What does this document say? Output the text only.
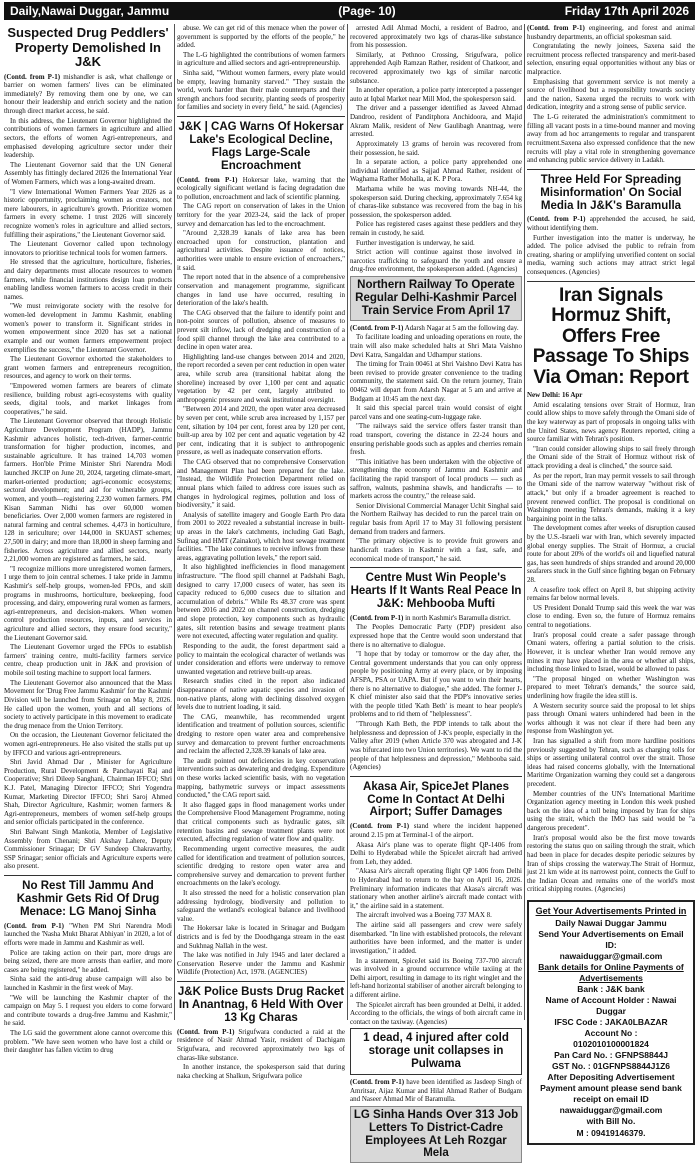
Daily,Nawai Duggar, Jammu	(Page- 10)	Friday 17th April 2026
Suspected Drug Peddlers' Property Demolished In J&K

(Contd. from P-1) mishandler is ask, what challenge or barrier on women farmers' lives can be eliminated immediately? By removing them one by one, we can honour their leadership and enrich society and the nation through direct market access, he said.

In this address, the Lieutenant Governor highlighted the contributions of women farmers in agriculture and allied sectors, the efforts of women Agri-entrepreneurs, and emphasised developing agriculture sector under their leadership.

The Lieutenant Governor said that the UN General Assembly has fittingly declared 2026 the International Year of Women Farmers, which was a long-awaited dream.

"I view International Women Farmers Year 2026 as a historic opportunity, proclaiming women as creators, not mere labourers, in agriculture's growth. Prioritize women farmers in every scheme. I trust 2026 will sincerely recognize women's roles in agriculture and allied sectors, fulfilling their aspirations," the Lieutenant Governor said.

The Lieutenant Governor called upon technology innovators to prioritise technical tools for women farmers.

He stressed that the agriculture, horticulture, fisheries, and dairy departments must allocate resources to women farmers, while financial institutions design loan products enabling landless women farmers to access credit in their names.

"We must reinvigorate society with the resolve for women-led development in Jammu Kashmir, enabling women's power to transform it. Significant strides in women empowerment since 2020 has set a national example and our women farmers empowerment project exemplifies the success," the Lieutenant Governor.

The Lieutenant Governor exhorted the stakeholders to grant women farmers and entrepreneurs recognition, resources, and agency to work on their terms.

"Empowered women farmers are bearers of climate resilience, building robust agri-ecosystems with quality seeds, digital tools, and market linkages from cooperatives," he said.

The Lieutenant Governor observed that through Holistic Agriculture Development Program (HADP), Jammu Kashmir advances holistic, tech-driven, farmer-centric transformation for higher production, incomes, and sustainable agriculture. It has trained 14,703 women farmers. Hon'ble Prime Minister Shri Narendra Modi launched JKCIP on June 20, 2024, targeting climate-smart, market-oriented production; agri-economic ecosystems; sectoral development; and aid for vulnerable groups, women, and youth—registering 2,230 women farmers. PM Kisan Samman Nidhi has over 60,000 women beneficiaries. Over 2,000 women farmers are registered in natural farming and central schemes. 4,473 in horticulture, 128 in sericulture; over 144,000 in SKUAST schemes; 27,500 in dairy; and more than 18,000 in sheep farming and fisheries. Across agriculture and allied sectors, nearly 2,21,000 women are registered as farmers, he said.

"I recognize millions more unregistered women farmers, I urge them to join central schemes. I take pride in Jammu Kashmir's self-help groups, women-led FPOs, and skill programs in mushrooms, horticulture, beekeeping, food processing, and dairy, empowering rural women as farmers, agri-entrepreneurs, and decision-makers. When women control production resources, inputs, and services in agriculture and allied sectors, they ensure food security," the Lieutenant Governor said.

The Lieutenant Governor urged the FPOs to establish farmers' training centre, multi-facility farmers service centre, cheap production unit in J&K and provision of mobile soil testing machine to support local farmers.

The Lieutenant Governor also announced that the Mass Movement for 'Drug Free Jammu Kashmir' for the Kashmir Division will be launched from Srinagar on May 8, 2026. He called upon the women, youth and all sections of society to actively participate in this movement to eradicate the drug menace from the Union Territory.

On the occasion, the Lieutenant Governor felicitated the women agri-entrepreneurs. He also visited the stalls put up by IFFCO and various agri-entrepreneurs.

Shri Javid Ahmad Dar , Minister for Agriculture Production, Rural Development & Panchayati Raj and Cooperative; Shri Dileep Sanghani, Chairman IFFCO; Shri K.J. Patel, Managing Director IFFCO; Shri Yogendra Kumar, Marketing Director IFFCO; Shri Saroj Ahmed Shah, Director Agriculture, Kashmir; women farmers & Agri-entrepreneurs, members of women self-help groups and senior officials participated in the conference.

Shri Balwant Singh Mankotia, Member of Legislative Assembly from Chenani; Shri Akshay Lahere, Deputy Commissioner Srinagar; Dr GV Sundeep Chakravarthy, SSP Srinagar; senior officials and Agriculture experts were also present.

No Rest Till Jammu And Kashmir Gets Rid Of Drug Menace: LG Manoj Sinha

(Contd. from P-1) "When PM Shri Narendra Modi launched the 'Nasha Mukt Bharat Abhiyan' in 2020, a lot of efforts were made in Jammu and Kashmir as well.

Police are taking action on their part, more drugs are being seized, there are more arrests than earlier, and more cases are being registered," he added.

Sinha said the anti-drug abuse campaign will also be launched in Kashmir in the first week of May.

"We will be launching the Kashmir chapter of the campaign on May 5. I request you elders to come forward and contribute towards a drug-free Jammu and Kashmir," he said.

The LG said the government alone cannot overcome this problem. "We have seen women who have lost a child or their daughter has fallen victim to drug

abuse. We can get rid of this menace when the power of government is supported by the efforts of the people," he added.

The L-G highlighted the contributions of women farmers in agriculture and allied sectors and agri-entrepreneurship.

Sinha said, "Without women farmers, every plate would be empty, leaving humanity starved." "They sustain the world, work harder than their male counterparts and their strength anchors food security, planting seeds of prosperity for families and society in every field," he said. (Agencies)

J&K | CAG Warns Of Hokersar Lake's Ecological Decline, Flags Large-Scale Encroachment

(Contd. from P-1) Hokersar lake, warning that the ecologically significant wetland is facing degradation due to pollution, encroachment and lack of scientific planning.

The CAG report on conservation of lakes in the Union territory for the year 2023-24, said the lack of proper survey and demarcation has led to the encroachment.

"Around 2,328.39 kanals of lake area has been encroached upon for construction, plantation and agricultural activities. Despite issuance of notices, authorities were unable to ensure eviction of encroachers," it said.

The report noted that in the absence of a comprehensive conservation and management programme, significant changes in land use have occurred, resulting in deterioration of the lake's health.

The CAG observed that the failure to identify point and non-point sources of pollution, absence of measures to prevent silt inflow, lack of dredging and construction of a food spill channel through the lake area contributed to a decline in open water area.

Highlighting land-use changes between 2014 and 2020, the report recorded a seven per cent reduction in open water area, while scrub area (transitional habitat along the shoreline) increased by over 1,100 per cent and aquatic vegetation by 42 per cent, largely attributed to anthropogenic pressure and weak institutional oversight.

"Between 2014 and 2020, the open water area decreased by seven per cent, while scrub area increased by 1,157 per cent, siltation by 104 per cent, forest area by 120 per cent, built-up area by 102 per cent and aquatic vegetation by 42 per cent, indicating that it is subject to anthropogenic pressure, as well as inadequate conservation efforts.

The CAG observed that no comprehensive Conservation and Management Plan had been prepared for the lake. "Instead, the Wildlife Protection Department relied on annual plans which failed to address core issues such as changes in hydrological regimes, pollution and loss of biodiversity," it said.

Analysis of satellite imagery and Google Earth Pro data from 2001 to 2022 revealed a substantial increase in built-up areas in the lake's catchments, including Gati Bagh, Sufinag and HMT (Zainakot), which host sewage treatment facilities. "The lake continues to receive inflows from these areas, aggravating pollution levels," the report said.

It also highlighted inefficiencies in flood management infrastructure. "The flood spill channel at Padshahi Bagh, designed to carry 17,000 cusecs of water, has seen its capacity reduced to 6,000 cusecs due to siltation and accumulation of debris." While Rs 48.37 crore was spent between 2016 and 2022 on channel construction, dredging and slope protection, key components such as hydraulic gates, silt retention basins and sewage treatment plants were not executed, affecting water regulation and quality.

Responding to the audit, the forest department said a policy to maintain the ecological character of wetlands was under consideration and efforts were underway to remove unwanted vegetation and retrieve built-up areas.

Research studies cited in the report also indicated disappearance of native aquatic species and invasion of non-native plants, along with declining dissolved oxygen levels due to nutrient loading, it said.

The CAG, meanwhile, has recommended urgent identification and treatment of pollution sources, scientific dredging to restore open water area and comprehensive survey and demarcation to prevent further encroachments and reclaim the affected 2,328.39 kanals of lake area.

The audit pointed out deficiencies in key conservation interventions such as dewatering and dredging. Expenditure on these works lacked scientific basis, with no vegetation mapping, bathymetric surveys or impact assessments conducted," the CAG report said.

It also flagged gaps in flood management works under the Comprehensive Flood Management Programme, noting that critical components such as hydraulic gates, silt retention basins and sewage treatment plants were not executed, affecting regulation of water flow and quality.

Recommending urgent corrective measures, the audit called for identification and treatment of pollution sources, scientific dredging to restore open water area and comprehensive survey and demarcation to prevent further encroachments on the lake's ecology.

It also stressed the need for a holistic conservation plan addressing hydrology, biodiversity and pollution to safeguard the wetland's ecological balance and livelihood value.

The Hokersar lake is located in Srinagar and Budgam districts and is fed by the Doodhganga stream in the east and Sukhnag Nallah in the west.

The lake was notified in July 1945 and later declared a Conservation Reserve under the Jammu and Kashmir Wildlife (Protection) Act, 1978. (AGENCIES)

J&K Police Busts Drug Racket In Anantnag, 6 Held With Over 13 Kg Charas

(Contd. from P-1) Srigufwara conducted a raid at the residence of Nasir Ahmad Yasir, resident of Dachigam Srigufwara, and recovered approximately two kgs of charas-like substance.

In another instance, the spokesperson said that during naka checking at Shalkun, Srigufwara police

arrested Adil Ahmad Mochi, a resident of Badroo, and recovered approximately two kgs of charas-like substance from his possession.

Similarly, at Pethnoo Crossing, Srigufwara, police apprehended Aqib Ramzan Rather, resident of Chatkoor, and recovered approximately two kgs of similar narcotic substance.

In another operation, a police party intercepted a passenger auto at Iqbal Market near Mill Mod, the spokesperson said.

The driver and a passenger identified as Javeed Ahmad Dandroo, resident of Panditphora Anchidoora, and Majid Akram Malik, resident of New Gaulibagh Anantnag, were arrested.

Approximately 13 grams of heroin was recovered from their possession, he said.

In a separate action, a police party apprehended one individual identified as Sajjad Ahmad Rather, resident of Waghama Rather Mohalla, at K. P Pora.

Marhama while he was moving towards NH-44, the spokesperson said. During checking, approximately 7.654 kg of charas-like substance was recovered from the bag in his possession, the spokesperson added.

Police has registered cases against these peddlers and they remain in custody, he said.

Further investigation is underway, he said.

Strict action will continue against those involved in narcotics trafficking to safeguard the youth and ensure a drug-free environment, the spokesperson added. (Agencies)

Northern Railway To Operate Regular Delhi-Kashmir Parcel Train Service From April 17

(Contd. from P-1) Adarsh Nagar at 5 am the following day.

To facilitate loading and unloading operations en route, the train will also make scheduled halts at Shri Mata Vaishno Devi Katra, Sangaldan and Udhampur stations.

The timing for Train 00461 at Shri Vaishno Devi Katra has been revised to provide greater convenience to the trading community, the statement said. On the return journey, Train 00462 will depart from Adarsh Nagar at 5 am and arrive at Budgam at 10:45 am the next day.

It said this special parcel train would consist of eight parcel vans and one seating-cum-luggage rake.

"The railways said the service offers faster transit than road transport, covering the distance in 22-24 hours and ensuring perishable goods such as apples and cherries remain fresh.

"This initiative has been undertaken with the objective of strengthening the economy of Jammu and Kashmir and facilitating the rapid transport of local products — such as saffron, walnuts, pashmina shawls, and handicrafts — to markets across the country," the release said.

Senior Divisional Commercial Manager Uchit Singhal said the Northern Railway has decided to run the parcel train on regular basis from April 17 to May 31 following persistent demand from traders and farmers.

"The primary objective is to provide fruit growers and handicraft traders in Kashmir with a fast, safe, and economical mode of transport," he said.

Centre Must Win People's Hearts If It Wants Real Peace In J&K: Mehbooba Mufti

(Contd. from P-1) in north Kashmir's Baramulla district.

The Peoples Democratic Party (PDP) president also expressed hope that the Centre would soon understand that there is no alternative to dialogue.

"I hope that by today or tomorrow or the day after, the Central government understands that you can only oppress people by positioning Army at every place, or by imposing AFSPA, PSA or UAPA. But if you want to win their hearts, there is no alternative to dialogue," she added. The former J-K chief minister also said that the PDP's innovative series with the people titled 'Kath Beth' is meant to hear people's problems and to rid them of "helplessness".

"Through Kath Beth, the PDP intends to talk about the helplessness and depression of J-K's people, especially in the Valley after 2019 (when Article 370 was abrogated and J-K was bifurcated into two Union territories). We want to rid the people of that helplessness and depression," Mehbooba said. (Agencies)

Akasa Air, SpiceJet Planes Come In Contact At Delhi Airport; Suffer Damages

(Contd. from P-1) stand where the incident happened around 2.15 pm at Terminal-1 of the airport.

Akasa Air's plane was to operate flight QP-1406 from Delhi to Hyderabad while the SpiceJet aircraft had arrived from Leh, they added.

"Akasa Air's aircraft operating flight QP 1406 from Delhi to Hyderabad had to return to the bay on April 16, 2026. Preliminary information indicates that Akasa's aircraft was stationary when another airline's aircraft made contact with it," the airline said in a statement.

The aircraft involved was a Boeing 737 MAX 8.

The airline said all passengers and crew were safely disembarked. "In line with established protocols, the relevant authorities have been informed, and the matter is under investigation," it added.

In a statement, SpiceJet said its Boeing 737-700 aircraft was involved in a ground occurrence while taxiing at the Delhi airport, resulting in damage to its right winglet and the left-hand horizontal stabiliser of another aircraft belonging to a different airline.

The SpiceJet aircraft has been grounded at Delhi, it added. According to the officials, the wings of both aircraft came in contact on the taxiway. (Agencies)

1 dead, 4 injured after cold storage unit collapses in Pulwama

(Contd. from P-1) have been identified as Jasdeep Singh of Amritsar, Aijaz Kumar and Hilal Ahmad Rather of Budgam and Naseer Ahmad Mir of Baramulla.

LG Sinha Hands Over 313 Job Letters To District-Cadre Employees At Leh Rozgar Mela

(Contd. from P-1) engineering, and forest and animal husbandry departments, an official spokesman said.

Congratulating the newly joinees, Saxena said the recruitment process reflected transparency and merit-based selection, ensuring equal opportunities without any bias or malpractice.

Emphasising that government service is not merely a source of livelihood but a responsibility towards society and the nation, Saxena urged the recruits to work with dedication, integrity and a strong sense of public service.

The L-G reiterated the administration's commitment to filling all vacant posts in a time-bound manner and moving away from ad hoc arrangements to regular and transparent recruitment.Saxena also expressed confidence that the new recruits will play a vital role in strengthening governance and enhancing public service delivery in Ladakh.

Three Held For Spreading Misinformation' On Social Media In J&K's Baramulla

(Contd. from P-1) apprehended the accused, he said, without identifying them.

Further investigation into the matter is underway, he added. The police advised the public to refrain from creating, sharing or amplifying unverified content on social media, warning such actions may attract strict legal consequences. (Agencies)

Iran Signals Hormuz Shift, Offers Free Passage To Ships Via Oman: Report

New Delhi: 16 Apr

Amid escalating tensions over Strait of Hormuz, Iran could allow ships to move safely through the Omani side of the key waterway as part of proposals in ongoing talks with the United States, news agency Reuters reported, citing a source familiar with Tehran's position.

"Iran could consider allowing ships to sail freely through the Omani side of the Strait of Hormuz without risk of attack providing a deal is clinched," the source said.

As per the report, Iran may permit vessels to sail through the Omani side of the narrow waterway "without risk of attack," but only if a broader agreement is reached to prevent renewed conflict. The proposal is conditional on Washington meeting Tehran's demands, making it a key bargaining point in the talks.

The development comes after weeks of disruption caused by the U.S.-Israeli war with Iran, which severely impacted global energy supplies. The Strait of Hormuz, a crucial route for about 20% of the world's oil and liquefied natural gas, has seen hundreds of ships stranded and around 20,000 seafarers stuck in the Gulf since fighting began on February 28.

A ceasefire took effect on April 8, but shipping activity remains far below normal levels.

US President Donald Trump said this week the war was close to ending. Even so, the future of Hormuz remains central to negotiations.

Iran's proposal could create a safer passage through Omani waters, offering a partial solution to the crisis. However, it is unclear whether Iran would remove any mines it may have placed in the area or whether all ships, including those linked to Israel, would be allowed to pass.

"The proposal hinged on whether Washington was prepared to meet Tehran's demands," the source said, underlining how fragile the idea still is.

A Western security source said the proposal to let ships pass through Omani waters unhindered had been in the works although it was not clear if there had been any response from Washington yet.

Iran has signalled a shift from more hardline positions previously suggested by Tehran, such as charging tolls for ships or asserting unilateral control over the strait. Those ideas had raised concerns globally, with the International Maritime Organization warning they could set a dangerous precedent.

Member countries of the UN's International Maritime Organization agency meeting in London this week pushed back on the idea of a toll being imposed by Iran for ships using the strait, which the IMO has said would be "a dangerous precedent".

Iran's proposal would also be the first move towards restoring the status quo on sailing through the strait, which had been in place for decades despite periodic seizures by Iran of ships crossing the waterway.The Strait of Hormuz, just 21 km wide at its narrowest point, connects the Gulf to the Indian Ocean and remains one of the world's most critical shipping routes. (Agencies)

Get Your Advertisements Printed in
Daily Nawai Duggar Jammu
Send Your Advertisements on Email ID:
nawaiduggar@gmail.com
Bank details for Online Payments of Advertisements
Bank : J&K bank
Name of Account Holder : Nawai Duggar
IFSC Code : JAKA0LBAZAR
Account No :
0102010100001824
Pan Card No. : GFNPS8844J
GST No. : 01GFNPS8844J1Z6
After Depositing Advertisement Payment amount please send bank receipt on email ID
nawaiduggar@gmail.com
with Bill No.
M : 09419146379.
